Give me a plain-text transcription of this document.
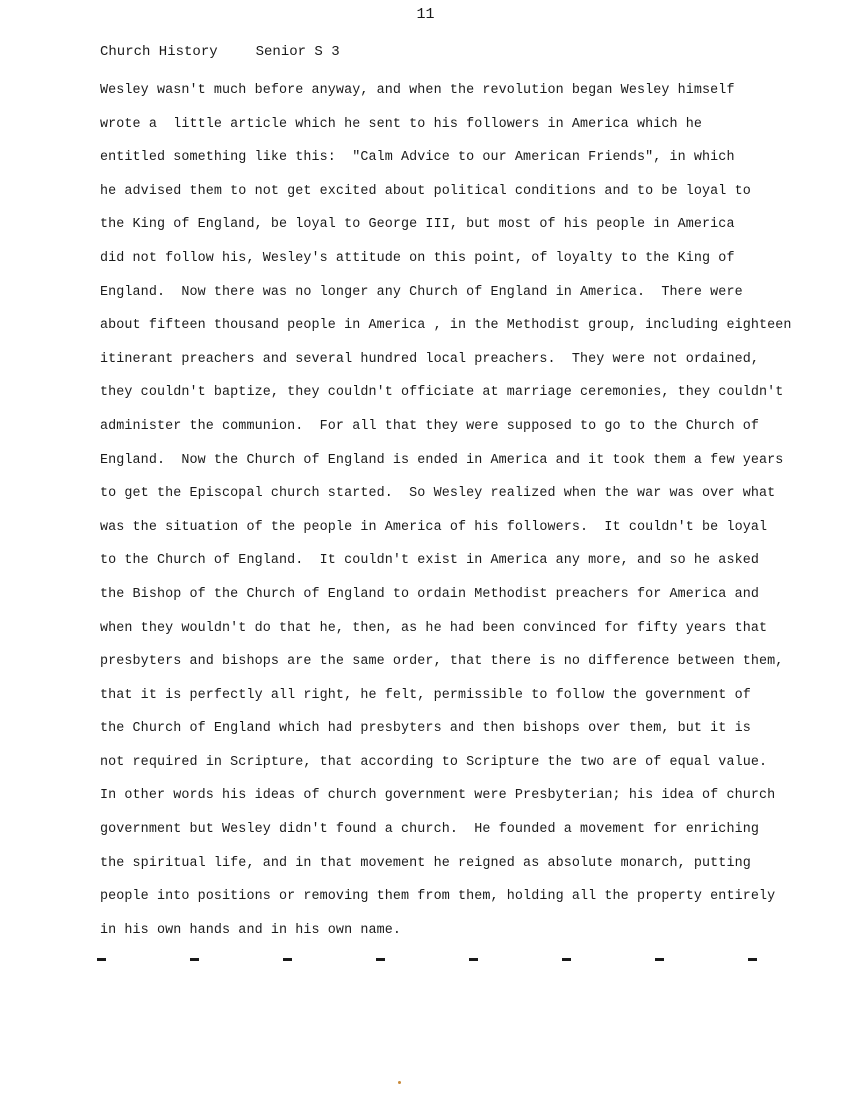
11
Church History	Senior S 3
Wesley wasn't much before anyway, and when the revolution began Wesley himself
wrote a  little article which he sent to his followers in America which he
entitled something like this:  "Calm Advice to our American Friends", in which
he advised them to not get excited about political conditions and to be loyal to
the King of England, be loyal to George III, but most of his people in America
did not follow his, Wesley's attitude on this point, of loyalty to the King of
England.  Now there was no longer any Church of England in America.  There were
about fifteen thousand people in America , in the Methodist group, including eighteen
itinerant preachers and several hundred local preachers.  They were not ordained,
they couldn't baptize, they couldn't officiate at marriage ceremonies, they couldn't
administer the communion.  For all that they were supposed to go to the Church of
England.  Now the Church of England is ended in America and it took them a few years
to get the Episcopal church started.  So Wesley realized when the war was over what
was the situation of the people in America of his followers.  It couldn't be loyal
to the Church of England.  It couldn't exist in America any more, and so he asked
the Bishop of the Church of England to ordain Methodist preachers for America and
when they wouldn't do that he, then, as he had been convinced for fifty years that
presbyters and bishops are the same order, that there is no difference between them,
that it is perfectly all right, he felt, permissible to follow the government of
the Church of England which had presbyters and then bishops over them, but it is
not required in Scripture, that according to Scripture the two are of equal value.
In other words his ideas of church government were Presbyterian; his idea of church
government but Wesley didn't found a church.  He founded a movement for enriching
the spiritual life, and in that movement he reigned as absolute monarch, putting
people into positions or removing them from them, holding all the property entirely
in his own hands and in his own name.
